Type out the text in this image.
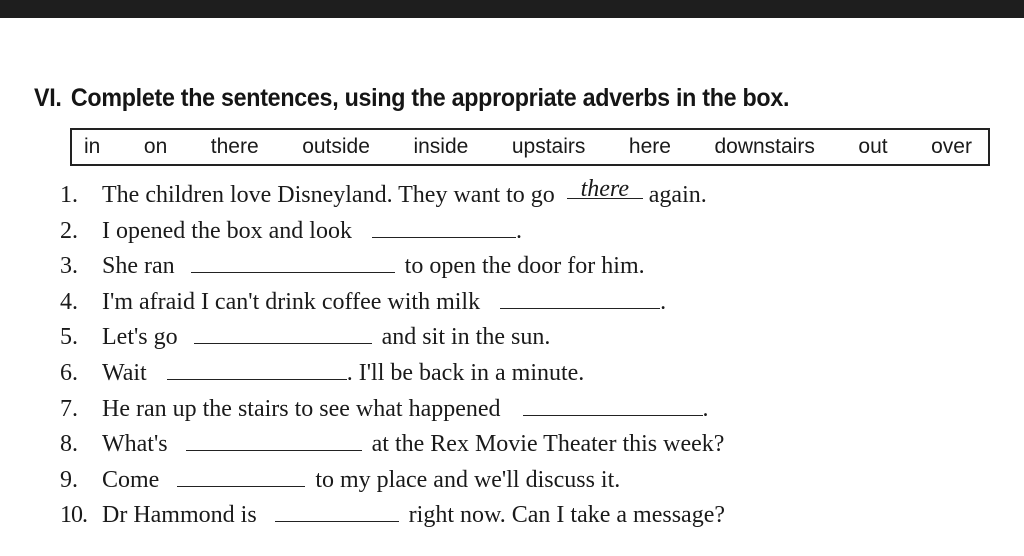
VI. Complete the sentences, using the appropriate adverbs in the box.
in on there outside inside upstairs here downstairs out over
1. The children love Disneyland. They want to go there again.
2. I opened the box and look	.
3. She ran	to open the door for him.
4. I'm afraid I can't drink coffee with milk	.
5. Let's go	and sit in the sun.
6. Wait	. I'll be back in a minute.
7. He ran up the stairs to see what happened	.
8. What's	at the Rex Movie Theater this week?
9. Come	to my place and we'll discuss it.
10. Dr Hammond is	right now. Can I take a message?
